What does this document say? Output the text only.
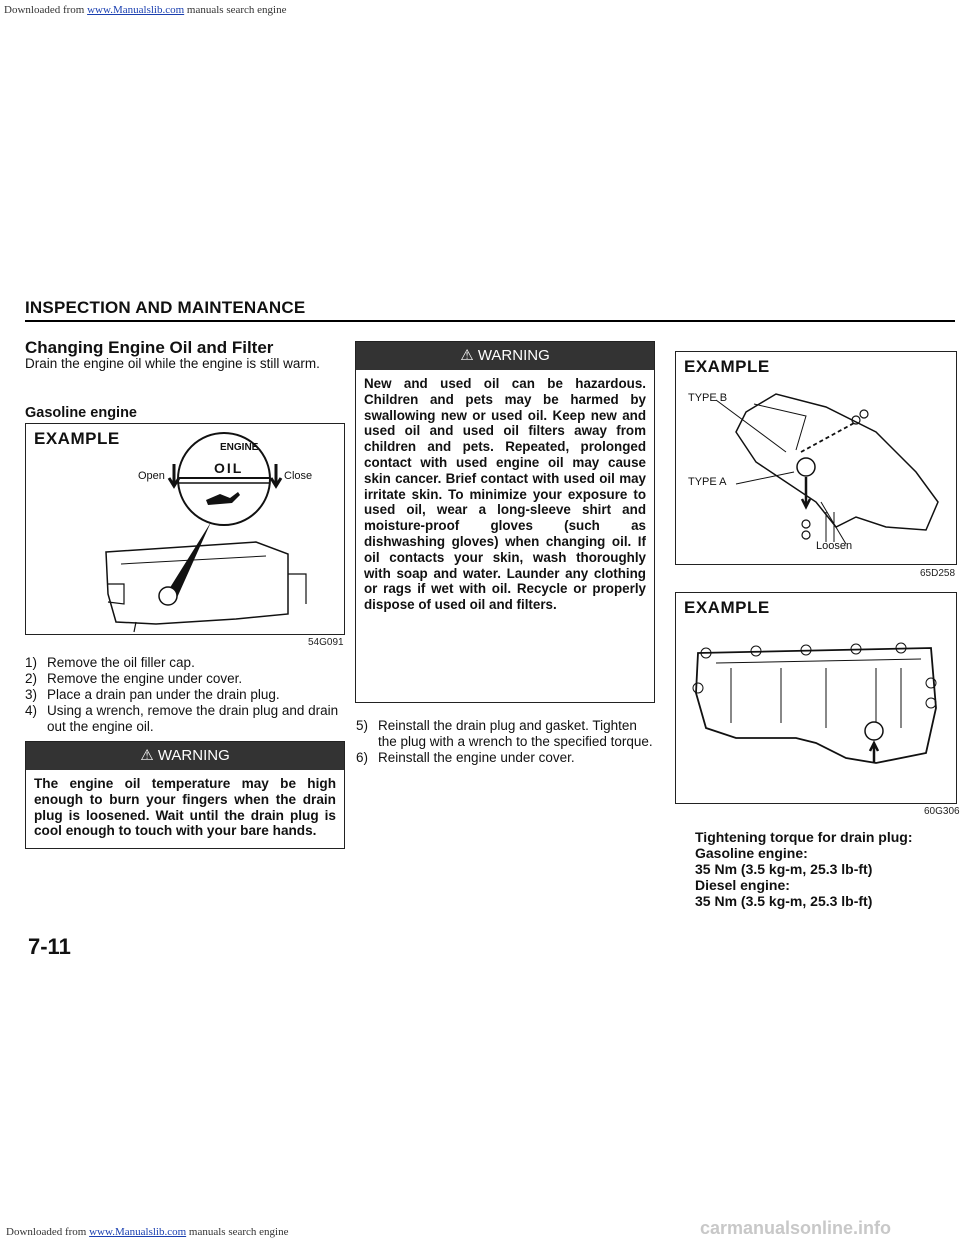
Downloaded from www.Manualslib.com manuals search engine
INSPECTION AND MAINTENANCE
Changing Engine Oil and Filter
Drain the engine oil while the engine is still warm.
Gasoline engine
EXAMPLE	ENGINE
OIL
Open	Close
54G091
1) Remove the oil filler cap.
2) Remove the engine under cover.
3) Place a drain pan under the drain plug.
4) Using a wrench, remove the drain plug and drain out the engine oil.
⚠ WARNING
The engine oil temperature may be high enough to burn your fingers when the drain plug is loosened. Wait until the drain plug is cool enough to touch with your bare hands.
7-11
⚠ WARNING
New and used oil can be hazardous. Children and pets may be harmed by swallowing new or used oil. Keep new and used oil and used oil filters away from children and pets. Repeated, prolonged contact with used engine oil may cause skin cancer. Brief contact with used oil may irritate skin. To minimize your exposure to used oil, wear a long-sleeve shirt and moisture-proof gloves (such as dishwashing gloves) when changing oil. If oil contacts your skin, wash thoroughly with soap and water. Launder any clothing or rags if wet with oil. Recycle or properly dispose of used oil and filters.
5) Reinstall the drain plug and gasket. Tighten the plug with a wrench to the specified torque.
6) Reinstall the engine under cover.
EXAMPLE
TYPE B
TYPE A
Loosen
65D258
EXAMPLE
60G306
Tightening torque for drain plug:
Gasoline engine:
35 Nm (3.5 kg-m, 25.3 lb-ft)
Diesel engine:
35 Nm (3.5 kg-m, 25.3 lb-ft)
Downloaded from www.Manualslib.com manuals search engine	carmanualsonline.info
